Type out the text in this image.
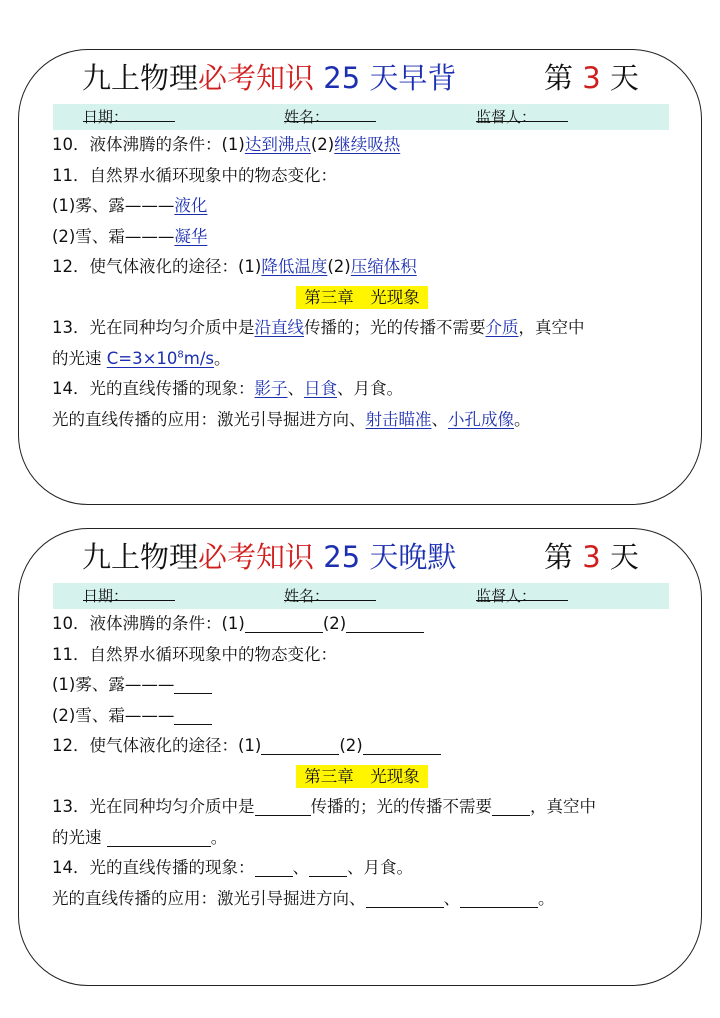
九上物理必考知识 25 天早背	第 3 天
日期：	姓名：	监督人：
10．液体沸腾的条件：(1)达到沸点(2)继续吸热
11．自然界水循环现象中的物态变化：
(1)雾、露———液化
(2)雪、霜———凝华
12．使气体液化的途径：(1)降低温度(2)压缩体积
第三章　光现象
13．光在同种均匀介质中是沿直线传播的；光的传播不需要介质，真空中
的光速 $C=3\times 10^8m/s$。
14．光的直线传播的现象：影子、日食、月食。
光的直线传播的应用：激光引导掘进方向、射击瞄准、小孔成像。
九上物理必考知识 25 天晚默	第 3 天
日期：	姓名：	监督人：
10．液体沸腾的条件：(1)	(2)
11．自然界水循环现象中的物态变化：
(1)雾、露———
(2)雪、霜———
12．使气体液化的途径：(1)	(2)
第三章　光现象
13．光在同种均匀介质中是	传播的；光的传播不需要 ，真空中
的光速	。
14．光的直线传播的现象： 、 、月食。
光的直线传播的应用：激光引导掘进方向、	、	。
